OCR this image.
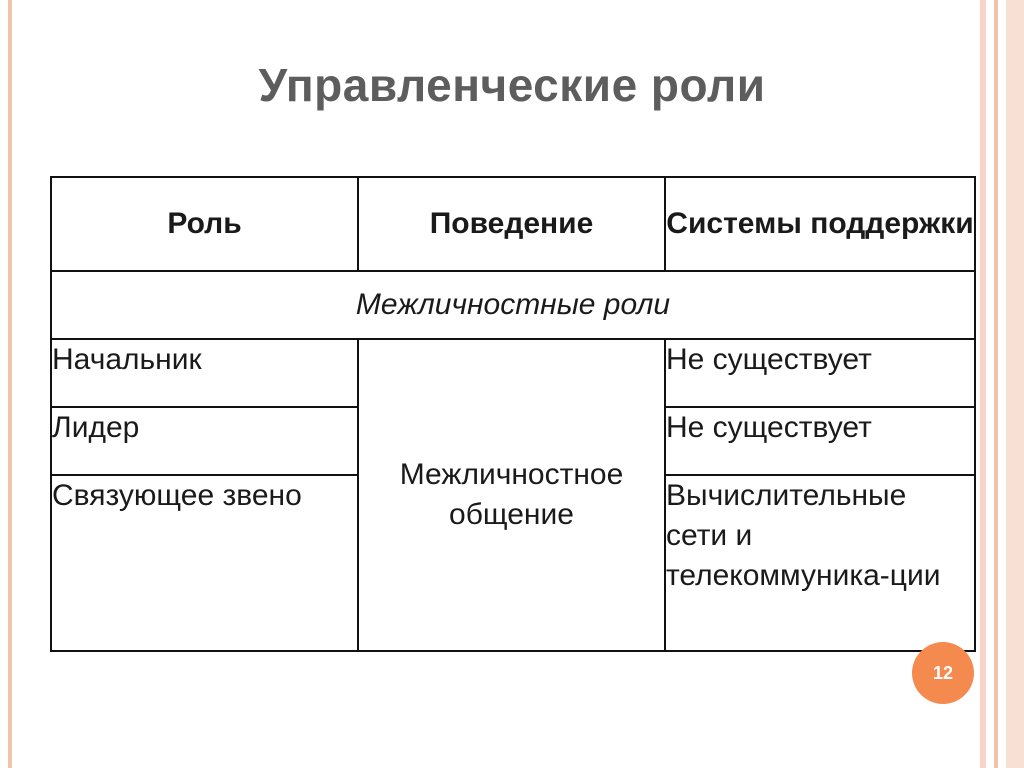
Управленческие роли
Роль	Поведение	Системы поддержки
Межличностные роли		
Начальник	Межличностное общение	Не существует
Лидер		Не существует
Связующее звено		Вычислительные сети и телекоммуника-ции
12
